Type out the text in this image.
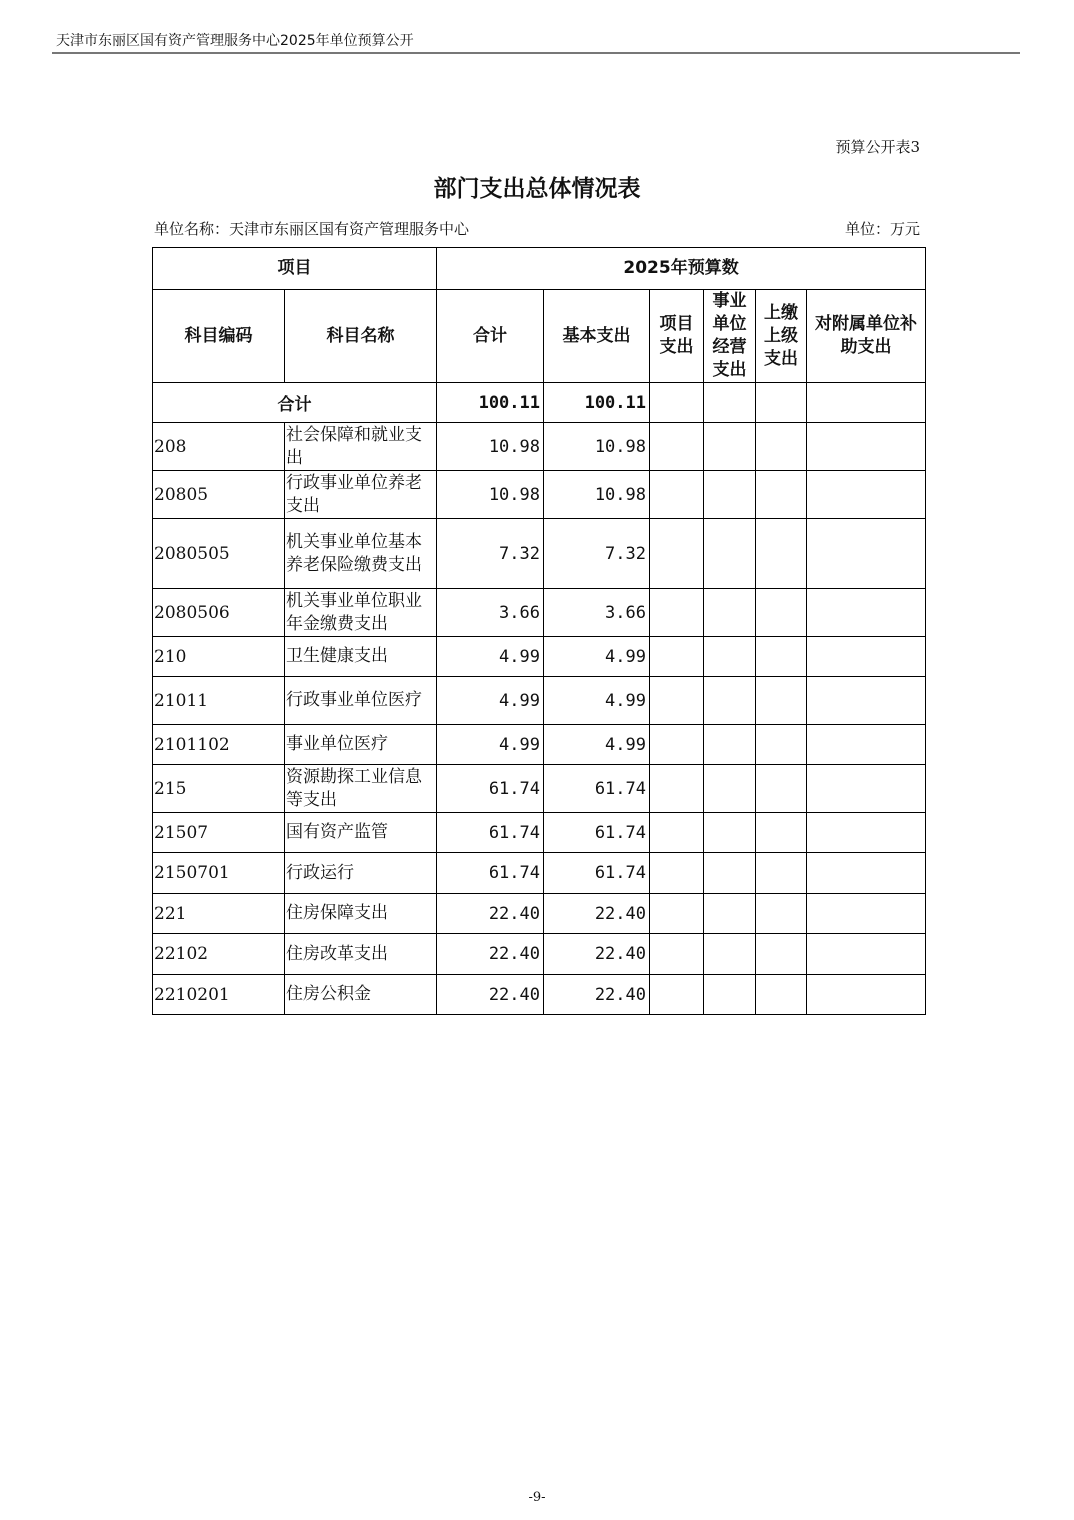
天津市东丽区国有资产管理服务中心2025年单位预算公开
预算公开表3
部门支出总体情况表
单位名称：天津市东丽区国有资产管理服务中心	单位：万元
项目		2025年预算数					
科目编码	科目名称	合计	基本支出	项目支出	事业单位经营支出	上缴上级支出	对附属单位补助支出
合计		100.11	100.11				
208	社会保障和就业支出	10.98	10.98				
20805	行政事业单位养老支出	10.98	10.98				
2080505	机关事业单位基本养老保险缴费支出	7.32	7.32				
2080506	机关事业单位职业年金缴费支出	3.66	3.66				
210	卫生健康支出	4.99	4.99				
21011	行政事业单位医疗	4.99	4.99				
2101102	事业单位医疗	4.99	4.99				
215	资源勘探工业信息等支出	61.74	61.74				
21507	国有资产监管	61.74	61.74				
2150701	行政运行	61.74	61.74				
221	住房保障支出	22.40	22.40				
22102	住房改革支出	22.40	22.40				
2210201	住房公积金	22.40	22.40				
-9-
